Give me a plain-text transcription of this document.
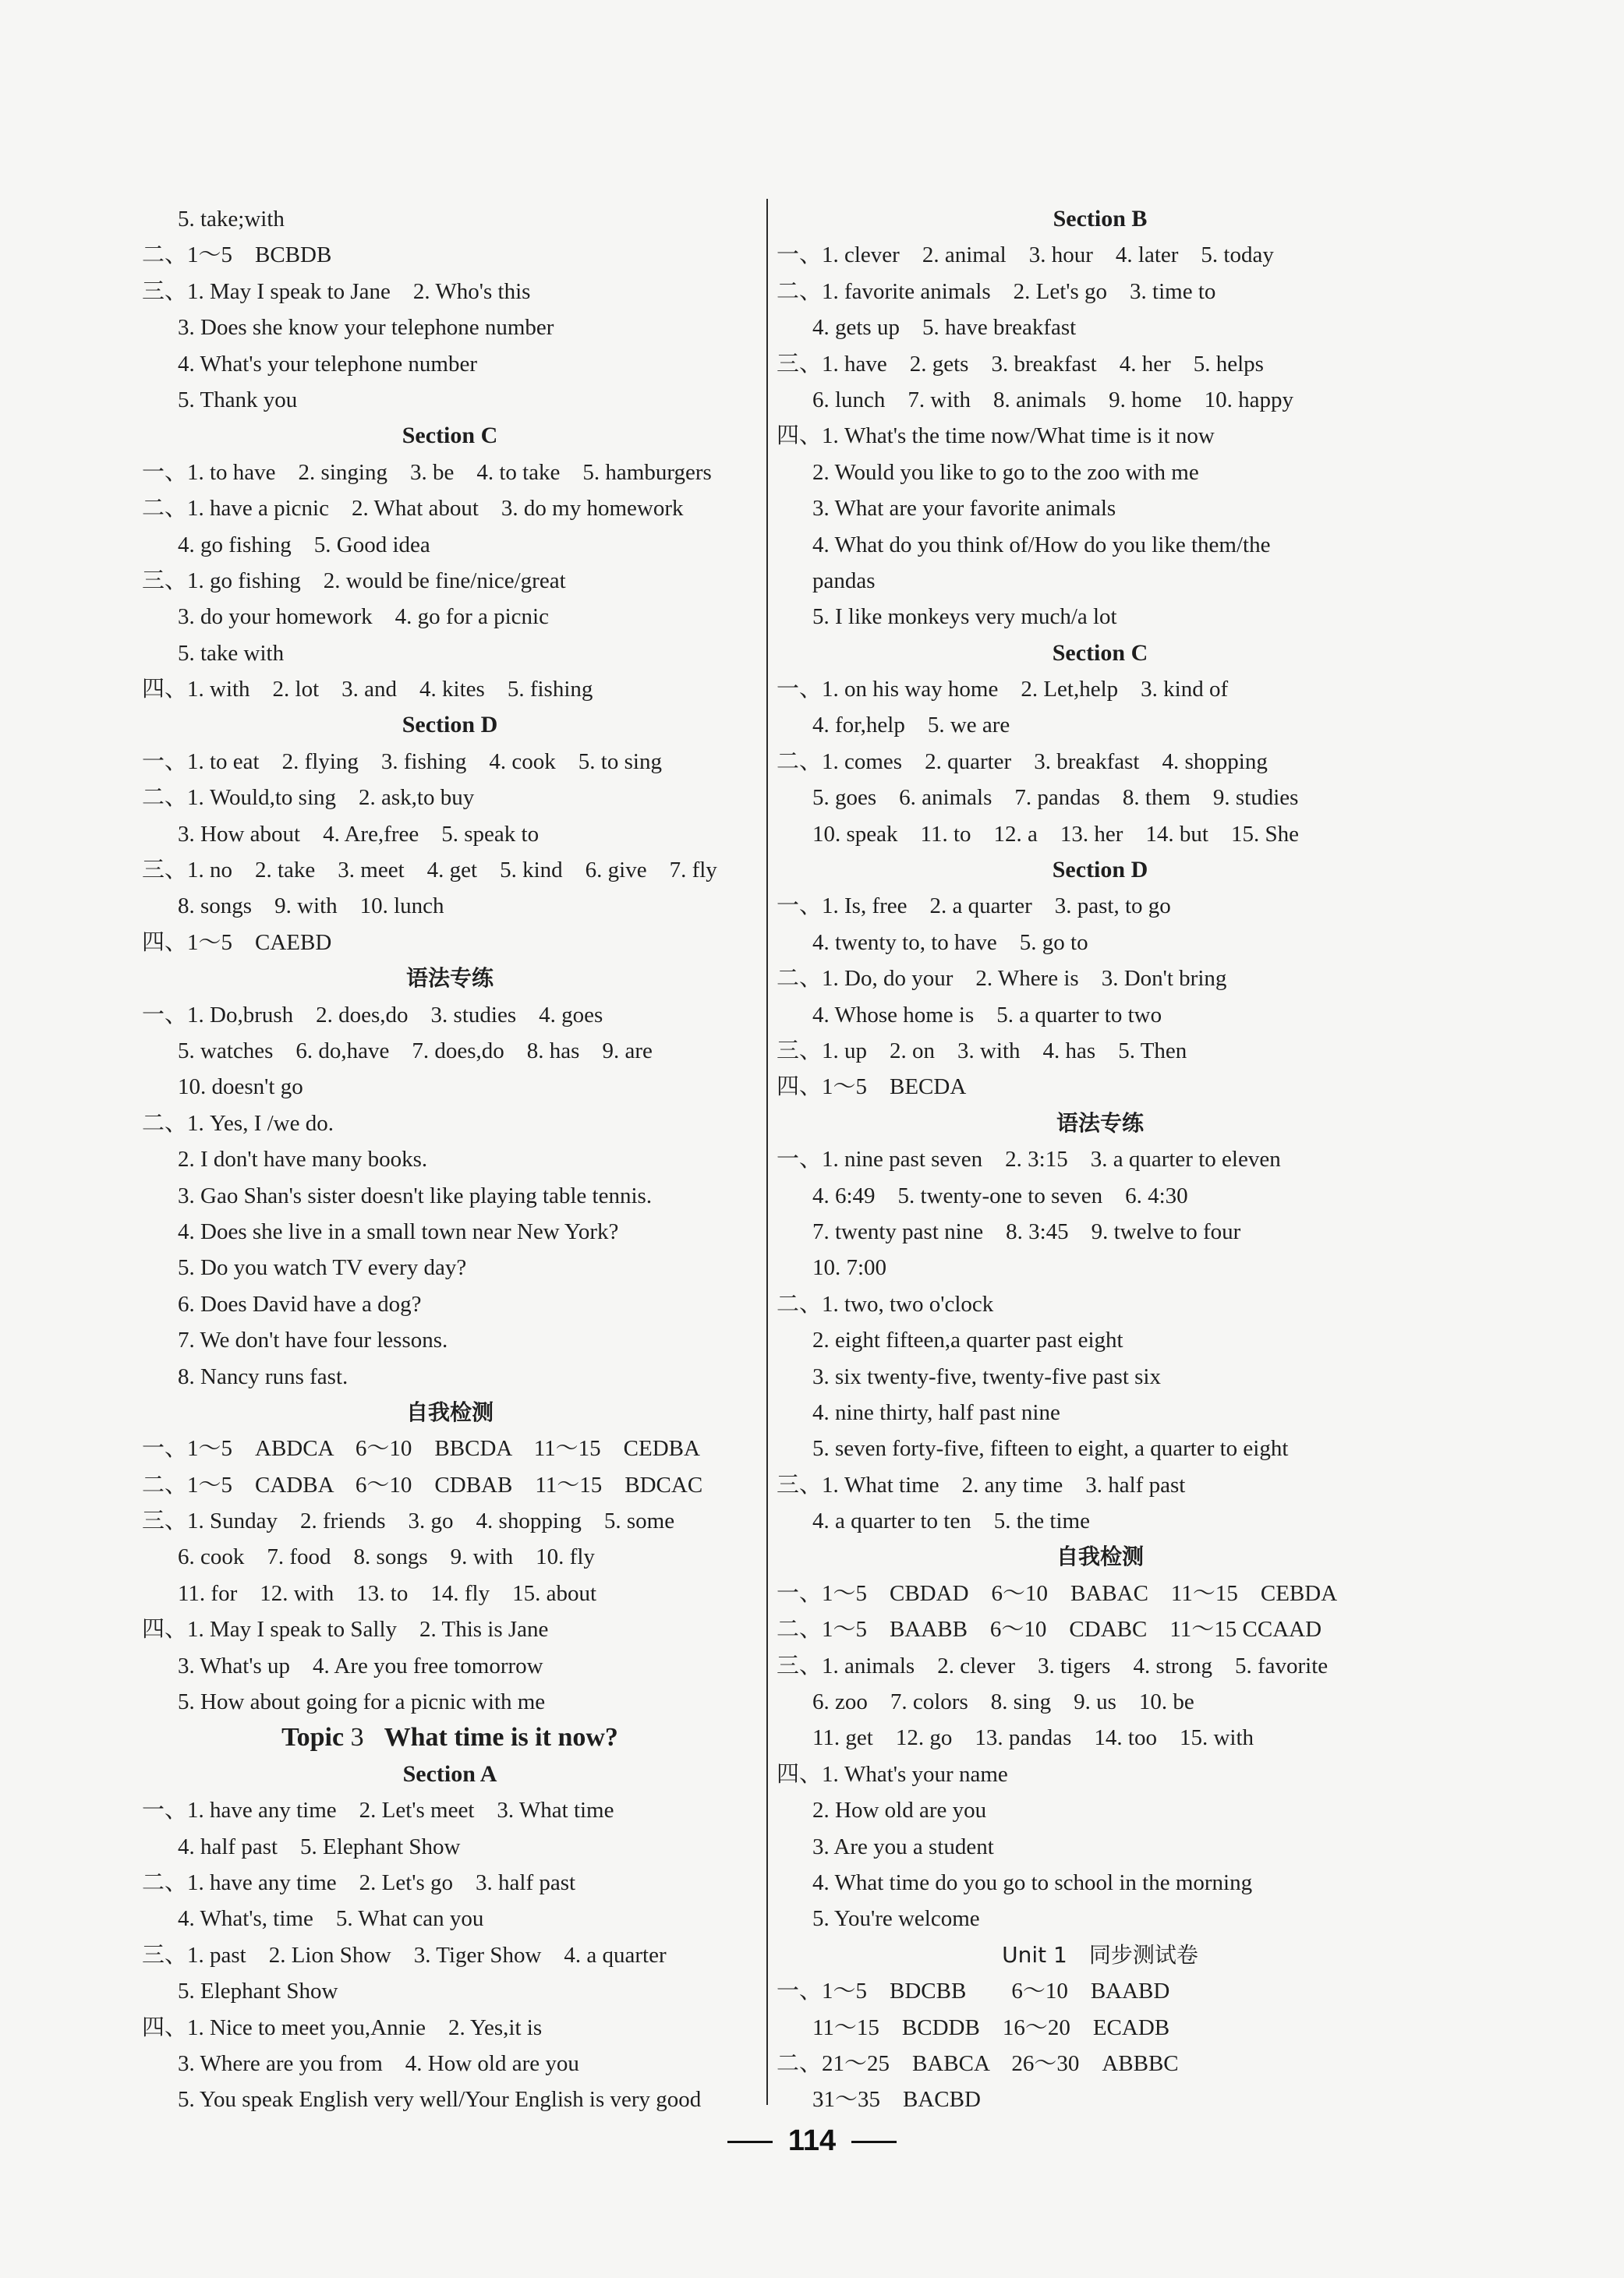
5. take;with
二、1～5　BCBDB
三、1. May I speak to Jane　2. Who's this
3. Does she know your telephone number
4. What's your telephone number
5. Thank you
Section C
一、1. to have　2. singing　3. be　4. to take　5. hamburgers
二、1. have a picnic　2. What about　3. do my homework
4. go fishing　5. Good idea
三、1. go fishing　2. would be fine/nice/great
3. do your homework　4. go for a picnic
5. take with
四、1. with　2. lot　3. and　4. kites　5. fishing
Section D
一、1. to eat　2. flying　3. fishing　4. cook　5. to sing
二、1. Would,to sing　2. ask,to buy
3. How about　4. Are,free　5. speak to
三、1. no　2. take　3. meet　4. get　5. kind　6. give　7. fly
8. songs　9. with　10. lunch
四、1～5　CAEBD
语法专练
一、1. Do,brush　2. does,do　3. studies　4. goes
5. watches　6. do,have　7. does,do　8. has　9. are
10. doesn't go
二、1. Yes, I /we do.
2. I don't have many books.
3. Gao Shan's sister doesn't like playing table tennis.
4. Does she live in a small town near New York?
5. Do you watch TV every day?
6. Does David have a dog?
7. We don't have four lessons.
8. Nancy runs fast.
自我检测
一、1～5　ABDCA　6～10　BBCDA　11～15　CEDBA
二、1～5　CADBA　6～10　CDBAB　11～15　BDCAC
三、1. Sunday　2. friends　3. go　4. shopping　5. some
6. cook　7. food　8. songs　9. with　10. fly
11. for　12. with　13. to　14. fly　15. about
四、1. May I speak to Sally　2. This is Jane
3. What's up　4. Are you free tomorrow
5. How about going for a picnic with me
Topic 3 What time is it now?
Section A
一、1. have any time　2. Let's meet　3. What time
4. half past　5. Elephant Show
二、1. have any time　2. Let's go　3. half past
4. What's, time　5. What can you
三、1. past　2. Lion Show　3. Tiger Show　4. a quarter
5. Elephant Show
四、1. Nice to meet you,Annie　2. Yes,it is
3. Where are you from　4. How old are you
5. You speak English very well/Your English is very good
Section B
一、1. clever　2. animal　3. hour　4. later　5. today
二、1. favorite animals　2. Let's go　3. time to
4. gets up　5. have breakfast
三、1. have　2. gets　3. breakfast　4. her　5. helps
6. lunch　7. with　8. animals　9. home　10. happy
四、1. What's the time now/What time is it now
2. Would you like to go to the zoo with me
3. What are your favorite animals
4. What do you think of/How do you like them/the
pandas
5. I like monkeys very much/a lot
Section C
一、1. on his way home　2. Let,help　3. kind of
4. for,help　5. we are
二、1. comes　2. quarter　3. breakfast　4. shopping
5. goes　6. animals　7. pandas　8. them　9. studies
10. speak　11. to　12. a　13. her　14. but　15. She
Section D
一、1. Is, free　2. a quarter　3. past, to go
4. twenty to, to have　5. go to
二、1. Do, do your　2. Where is　3. Don't bring
4. Whose home is　5. a quarter to two
三、1. up　2. on　3. with　4. has　5. Then
四、1～5　BECDA
语法专练
一、1. nine past seven　2. 3:15　3. a quarter to eleven
4. 6:49　5. twenty-one to seven　6. 4:30
7. twenty past nine　8. 3:45　9. twelve to four
10. 7:00
二、1. two, two o'clock
2. eight fifteen,a quarter past eight
3. six twenty-five, twenty-five past six
4. nine thirty, half past nine
5. seven forty-five, fifteen to eight, a quarter to eight
三、1. What time　2. any time　3. half past
4. a quarter to ten　5. the time
自我检测
一、1～5　CBDAD　6～10　BABAC　11～15　CEBDA
二、1～5　BAABB　6～10　CDABC　11～15 CCAAD
三、1. animals　2. clever　3. tigers　4. strong　5. favorite
6. zoo　7. colors　8. sing　9. us　10. be
11. get　12. go　13. pandas　14. too　15. with
四、1. What's your name
2. How old are you
3. Are you a student
4. What time do you go to school in the morning
5. You're welcome
Unit 1　同步测试卷
一、1～5　BDCBB　　6～10　BAABD
11～15　BCDDB　16～20　ECADB
二、21～25　BABCA　26～30　ABBBC
31～35　BACBD
114
